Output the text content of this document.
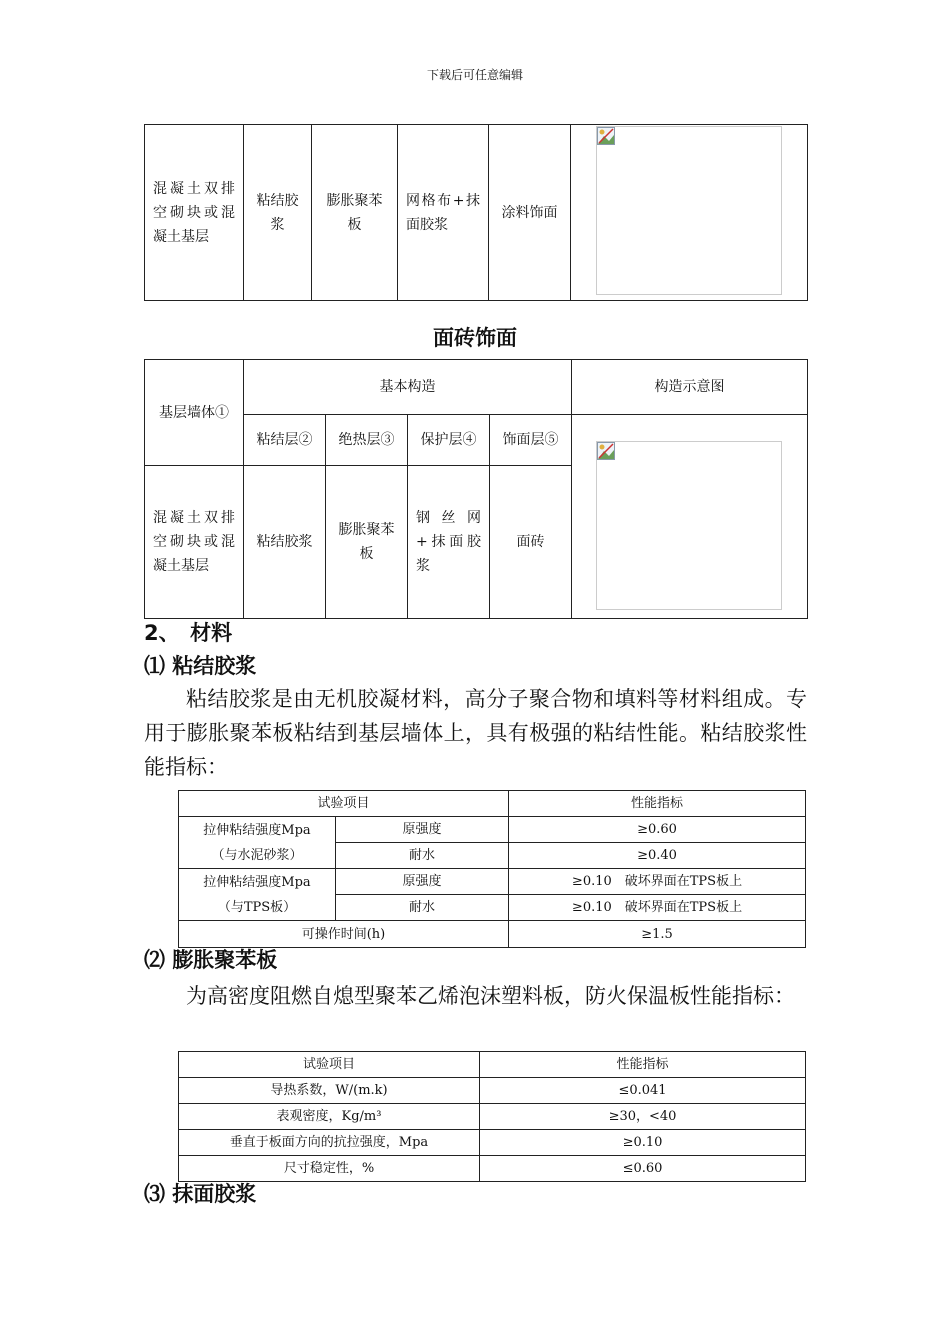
下载后可任意编辑
混凝土双排空砌块或混凝土基层	粘结胶浆	膨胀聚苯板	网格布+抹面胶浆	涂料饰面	
面砖饰面
基层墙体①	基本构造				构造示意图
	粘结层②	绝热层③	保护层④	饰面层⑤	
混凝土双排空砌块或混凝土基层	粘结胶浆	膨胀聚苯板	钢丝网+抹面胶浆	面砖	
2、　材料
⑴ 粘结胶浆
粘结胶浆是由无机胶凝材料，高分子聚合物和填料等材料组成。专用于膨胀聚苯板粘结到基层墙体上，具有极强的粘结性能。粘结胶浆性能指标：
试验项目		性能指标
拉伸粘结强度Mpa（与水泥砂浆）	原强度	≥0.60
	耐水	≥0.40
拉伸粘结强度Mpa（与TPS板）	原强度	≥0.10　破坏界面在TPS板上
	耐水	≥0.10　破坏界面在TPS板上
可操作时间(h)		≥1.5
⑵ 膨胀聚苯板
为高密度阻燃自熄型聚苯乙烯泡沫塑料板，防火保温板性能指标：
试验项目	性能指标
导热系数，W/(m.k)	≤0.041
表观密度，Kg/m³	≥30，<40
垂直于板面方向的抗拉强度，Mpa	≥0.10
尺寸稳定性，%	≤0.60
⑶ 抹面胶浆
